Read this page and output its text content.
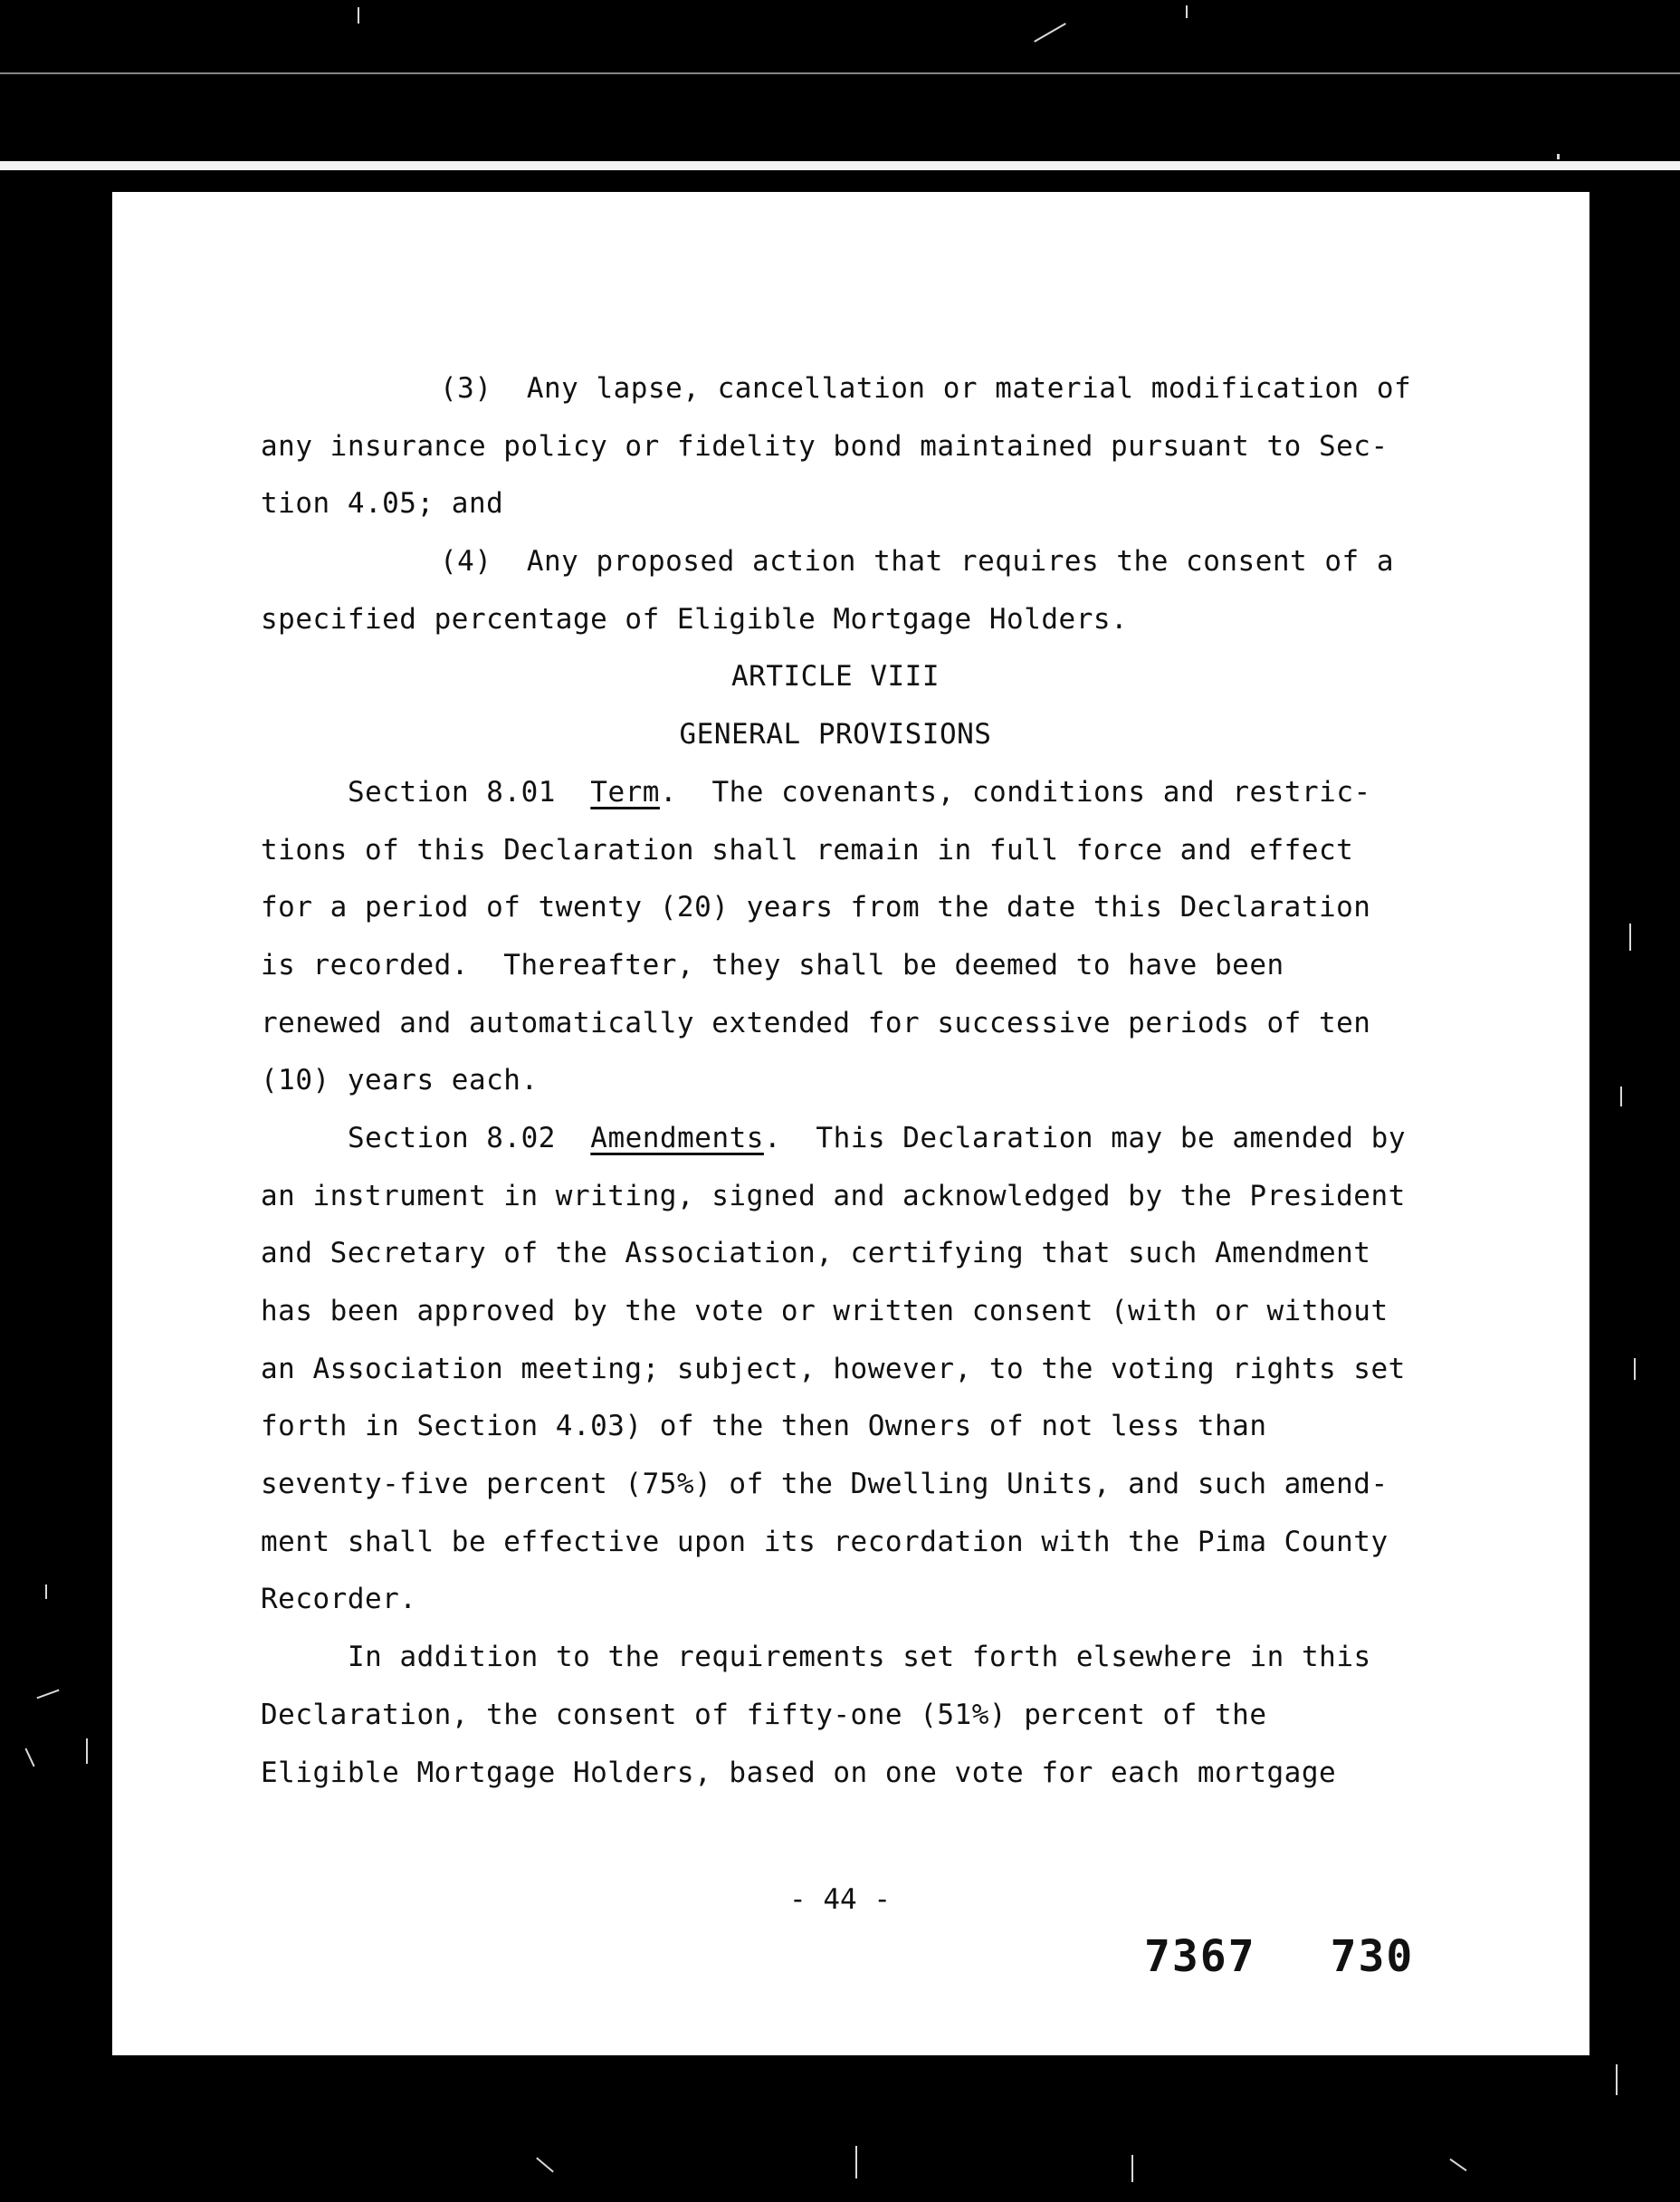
(3)  Any lapse, cancellation or material modification of
any insurance policy or fidelity bond maintained pursuant to Sec-
tion 4.05; and
(4)  Any proposed action that requires the consent of a
specified percentage of Eligible Mortgage Holders.
ARTICLE VIII
GENERAL PROVISIONS
Section 8.01 Term.  The covenants, conditions and restric-
tions of this Declaration shall remain in full force and effect
for a period of twenty (20) years from the date this Declaration
is recorded.  Thereafter, they shall be deemed to have been
renewed and automatically extended for successive periods of ten
(10) years each.
Section 8.02 Amendments.  This Declaration may be amended by
an instrument in writing, signed and acknowledged by the President
and Secretary of the Association, certifying that such Amendment
has been approved by the vote or written consent (with or without
an Association meeting; subject, however, to the voting rights set
forth in Section 4.03) of the then Owners of not less than
seventy-five percent (75%) of the Dwelling Units, and such amend-
ment shall be effective upon its recordation with the Pima County
Recorder.
In addition to the requirements set forth elsewhere in this
Declaration, the consent of fifty-one (51%) percent of the
Eligible Mortgage Holders, based on one vote for each mortgage
- 44 -
7367 730
